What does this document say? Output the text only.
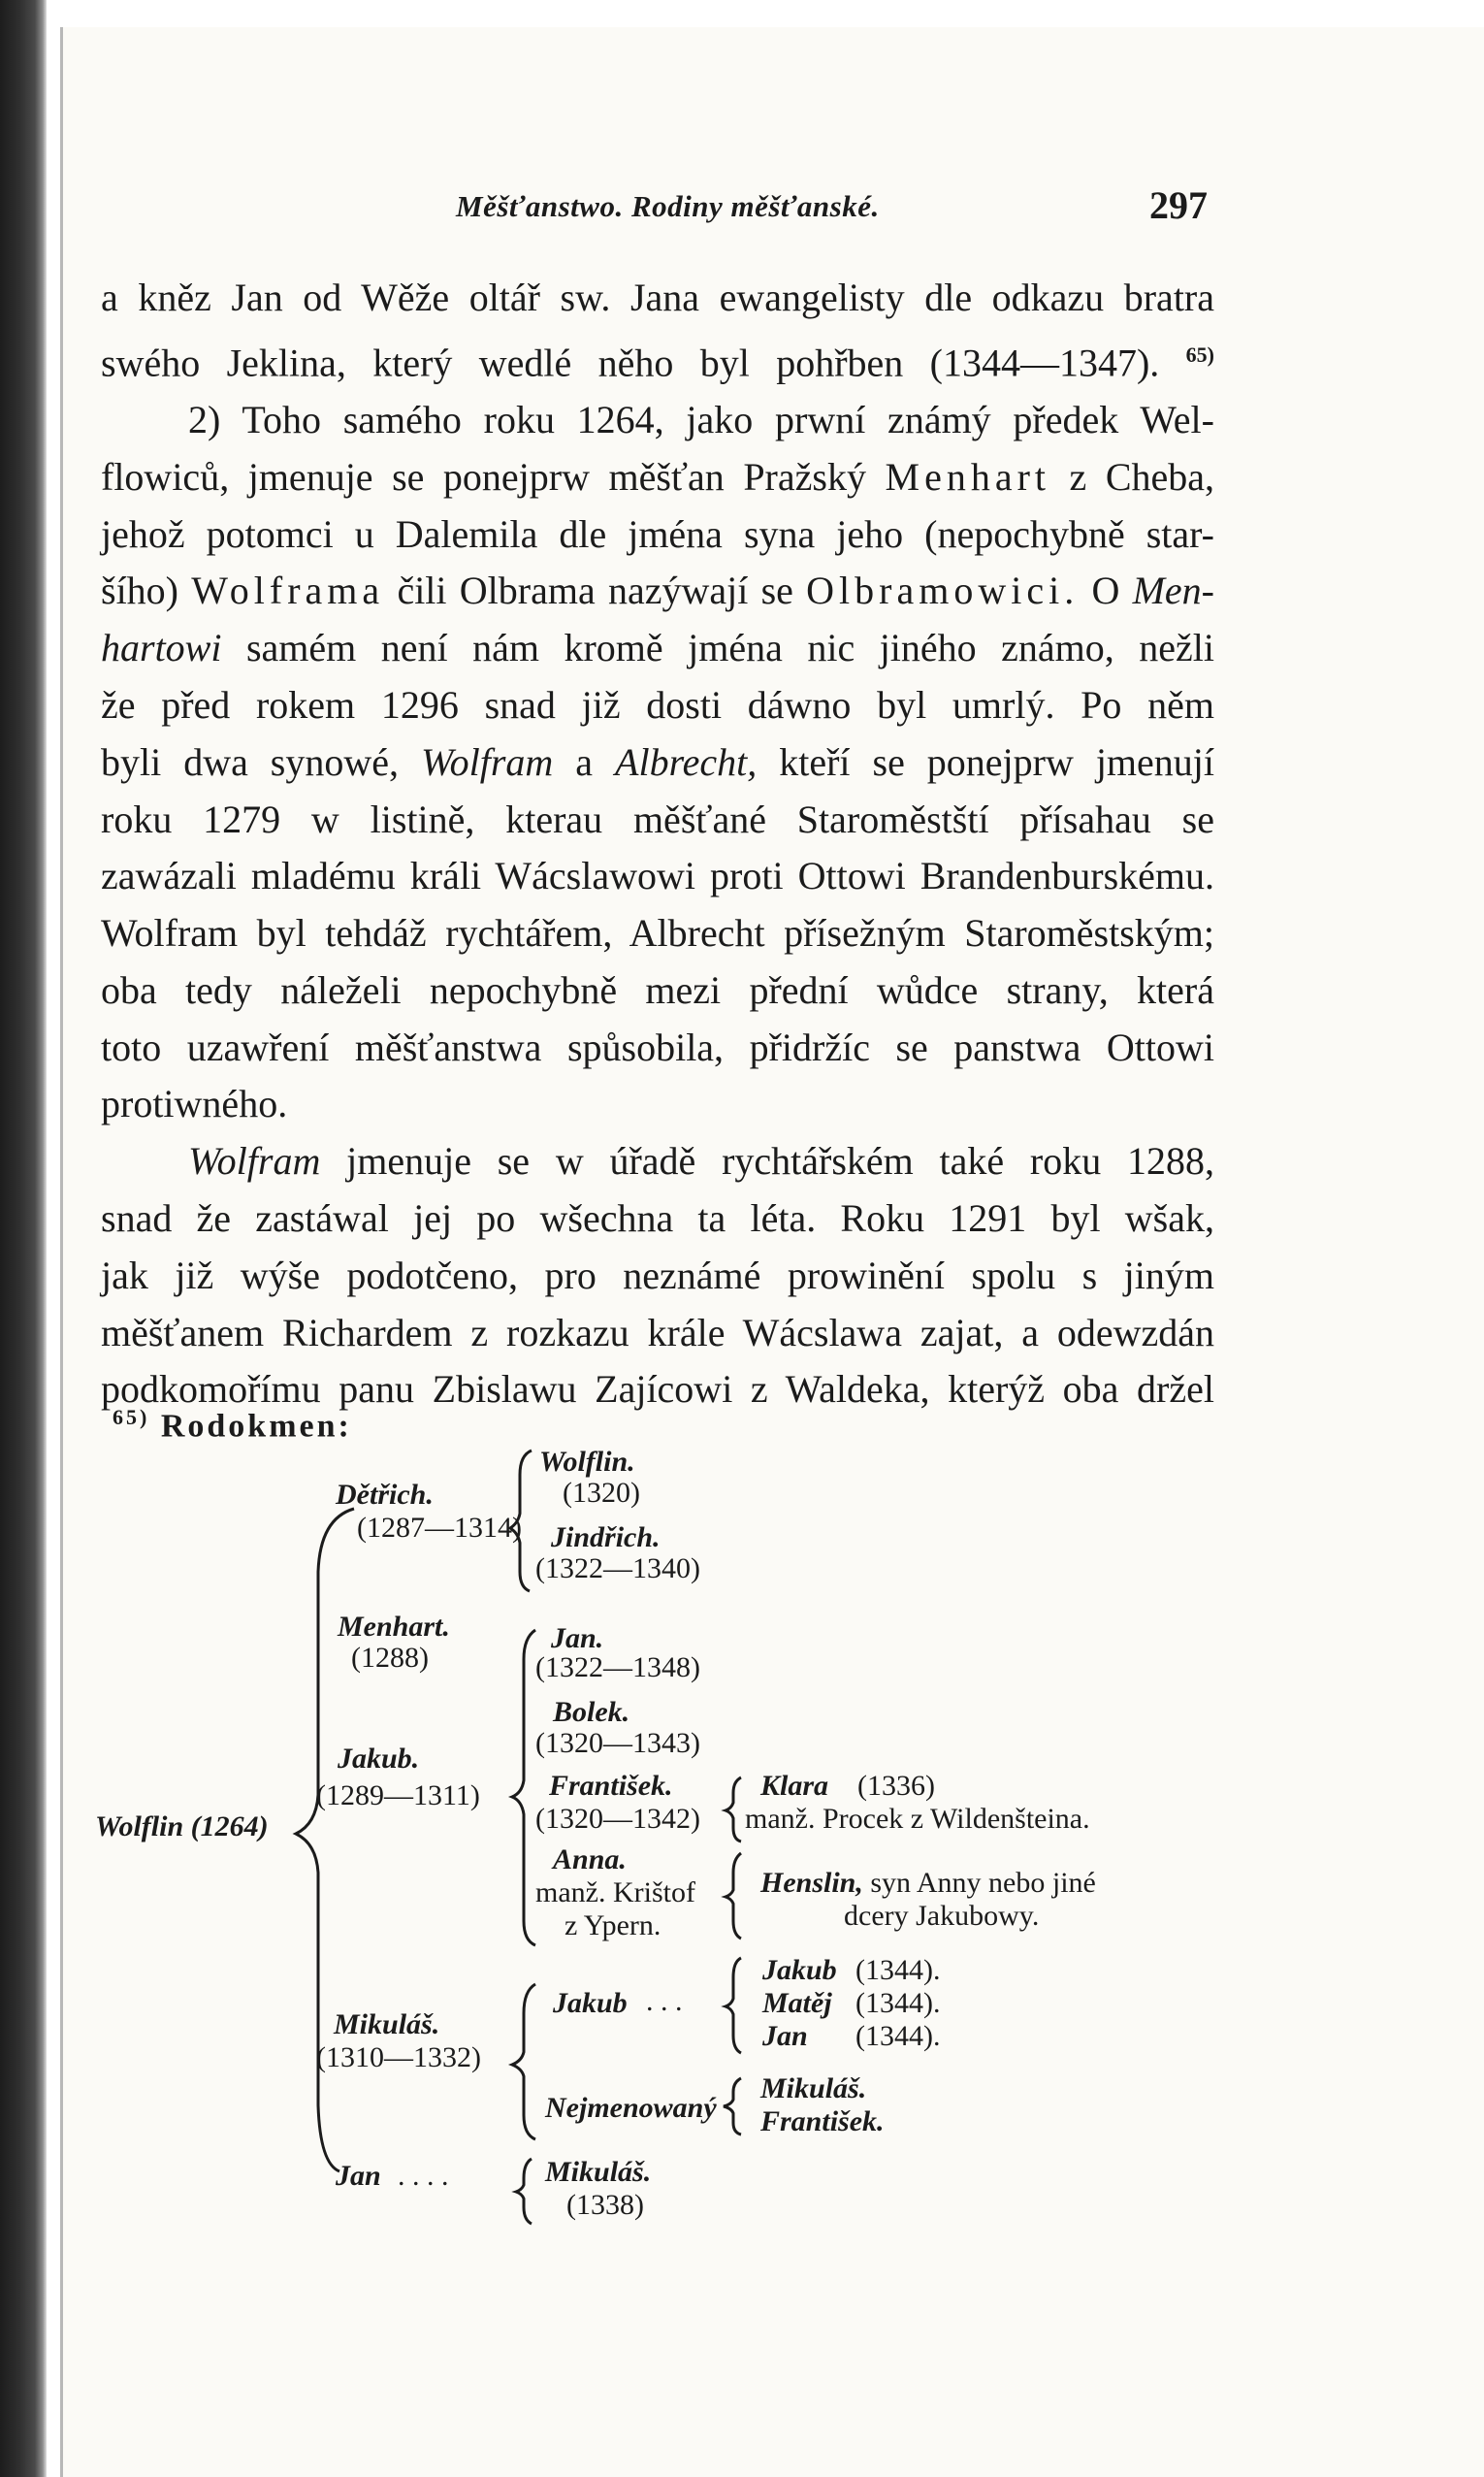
Měšťanstwo. Rodiny měšťanské.	297
a kněz Jan od Wěže oltář sw. Jana ewangelisty dle odkazu bratra
swého Jeklina, který wedlé něho byl pohřben (1344—1347). $^{65)}$
2) Toho samého roku 1264, jako prwní známý předek Wel-
flowiců, jmenuje se ponejprw měšťan Pražský Menhart z Cheba,
jehož potomci u Dalemila dle jména syna jeho (nepochybně star-
šího) Wolframa čili Olbrama nazýwají se Olbramowici. O Men-
hartowi samém není nám kromě jména nic jiného známo, nežli
že před rokem 1296 snad již dosti dáwno byl umrlý. Po něm
byli dwa synowé, Wolfram a Albrecht, kteří se ponejprw jmenují
roku 1279 w listině, kterau měšťané Staroměstští přísahau se
zawázali mladému králi Wácslawowi proti Ottowi Brandenburskému.
Wolfram byl tehdáž rychtářem, Albrecht přísežným Staroměstským;
oba tedy náleželi nepochybně mezi přední wůdce strany, která
toto uzawření měšťanstwa spůsobila, přidržíc se panstwa Ottowi
protiwného.
Wolfram jmenuje se w úřadě rychtářském také roku 1288,
snad že zastáwal jej po wšechna ta léta. Roku 1291 byl wšak,
jak již wýše podotčeno, pro neznámé prowinění spolu s jiným
měšťanem Richardem z rozkazu krále Wácslawa zajat, a odewzdán
podkomořímu panu Zbislawu Zajícowi z Waldeka, kterýž oba držel
$^{65)}$ Rodokmen:
Wolflin (1264)
Dětřich.
(1287—1314)
Wolflin.
(1320)
Jindřich.
(1322—1340)
Menhart.
(1288)
Jan.
(1322—1348)
Bolek.
(1320—1343)
Jakub.
(1289—1311) František.
(1320—1342)
Klara (1336)
manž. Procek z Wildenšteina.
Anna.
manž. Krištof
z Ypern.
Henslin, syn Anny nebo jiné
dcery Jakubowy.
Mikuláš.
(1310—1332)
Jakub . . .
Jakub (1344).
Matěj (1344).
Jan (1344).
Nejmenowaný
Mikuláš.
František.
Jan . . . .	Mikuláš.
(1338)
